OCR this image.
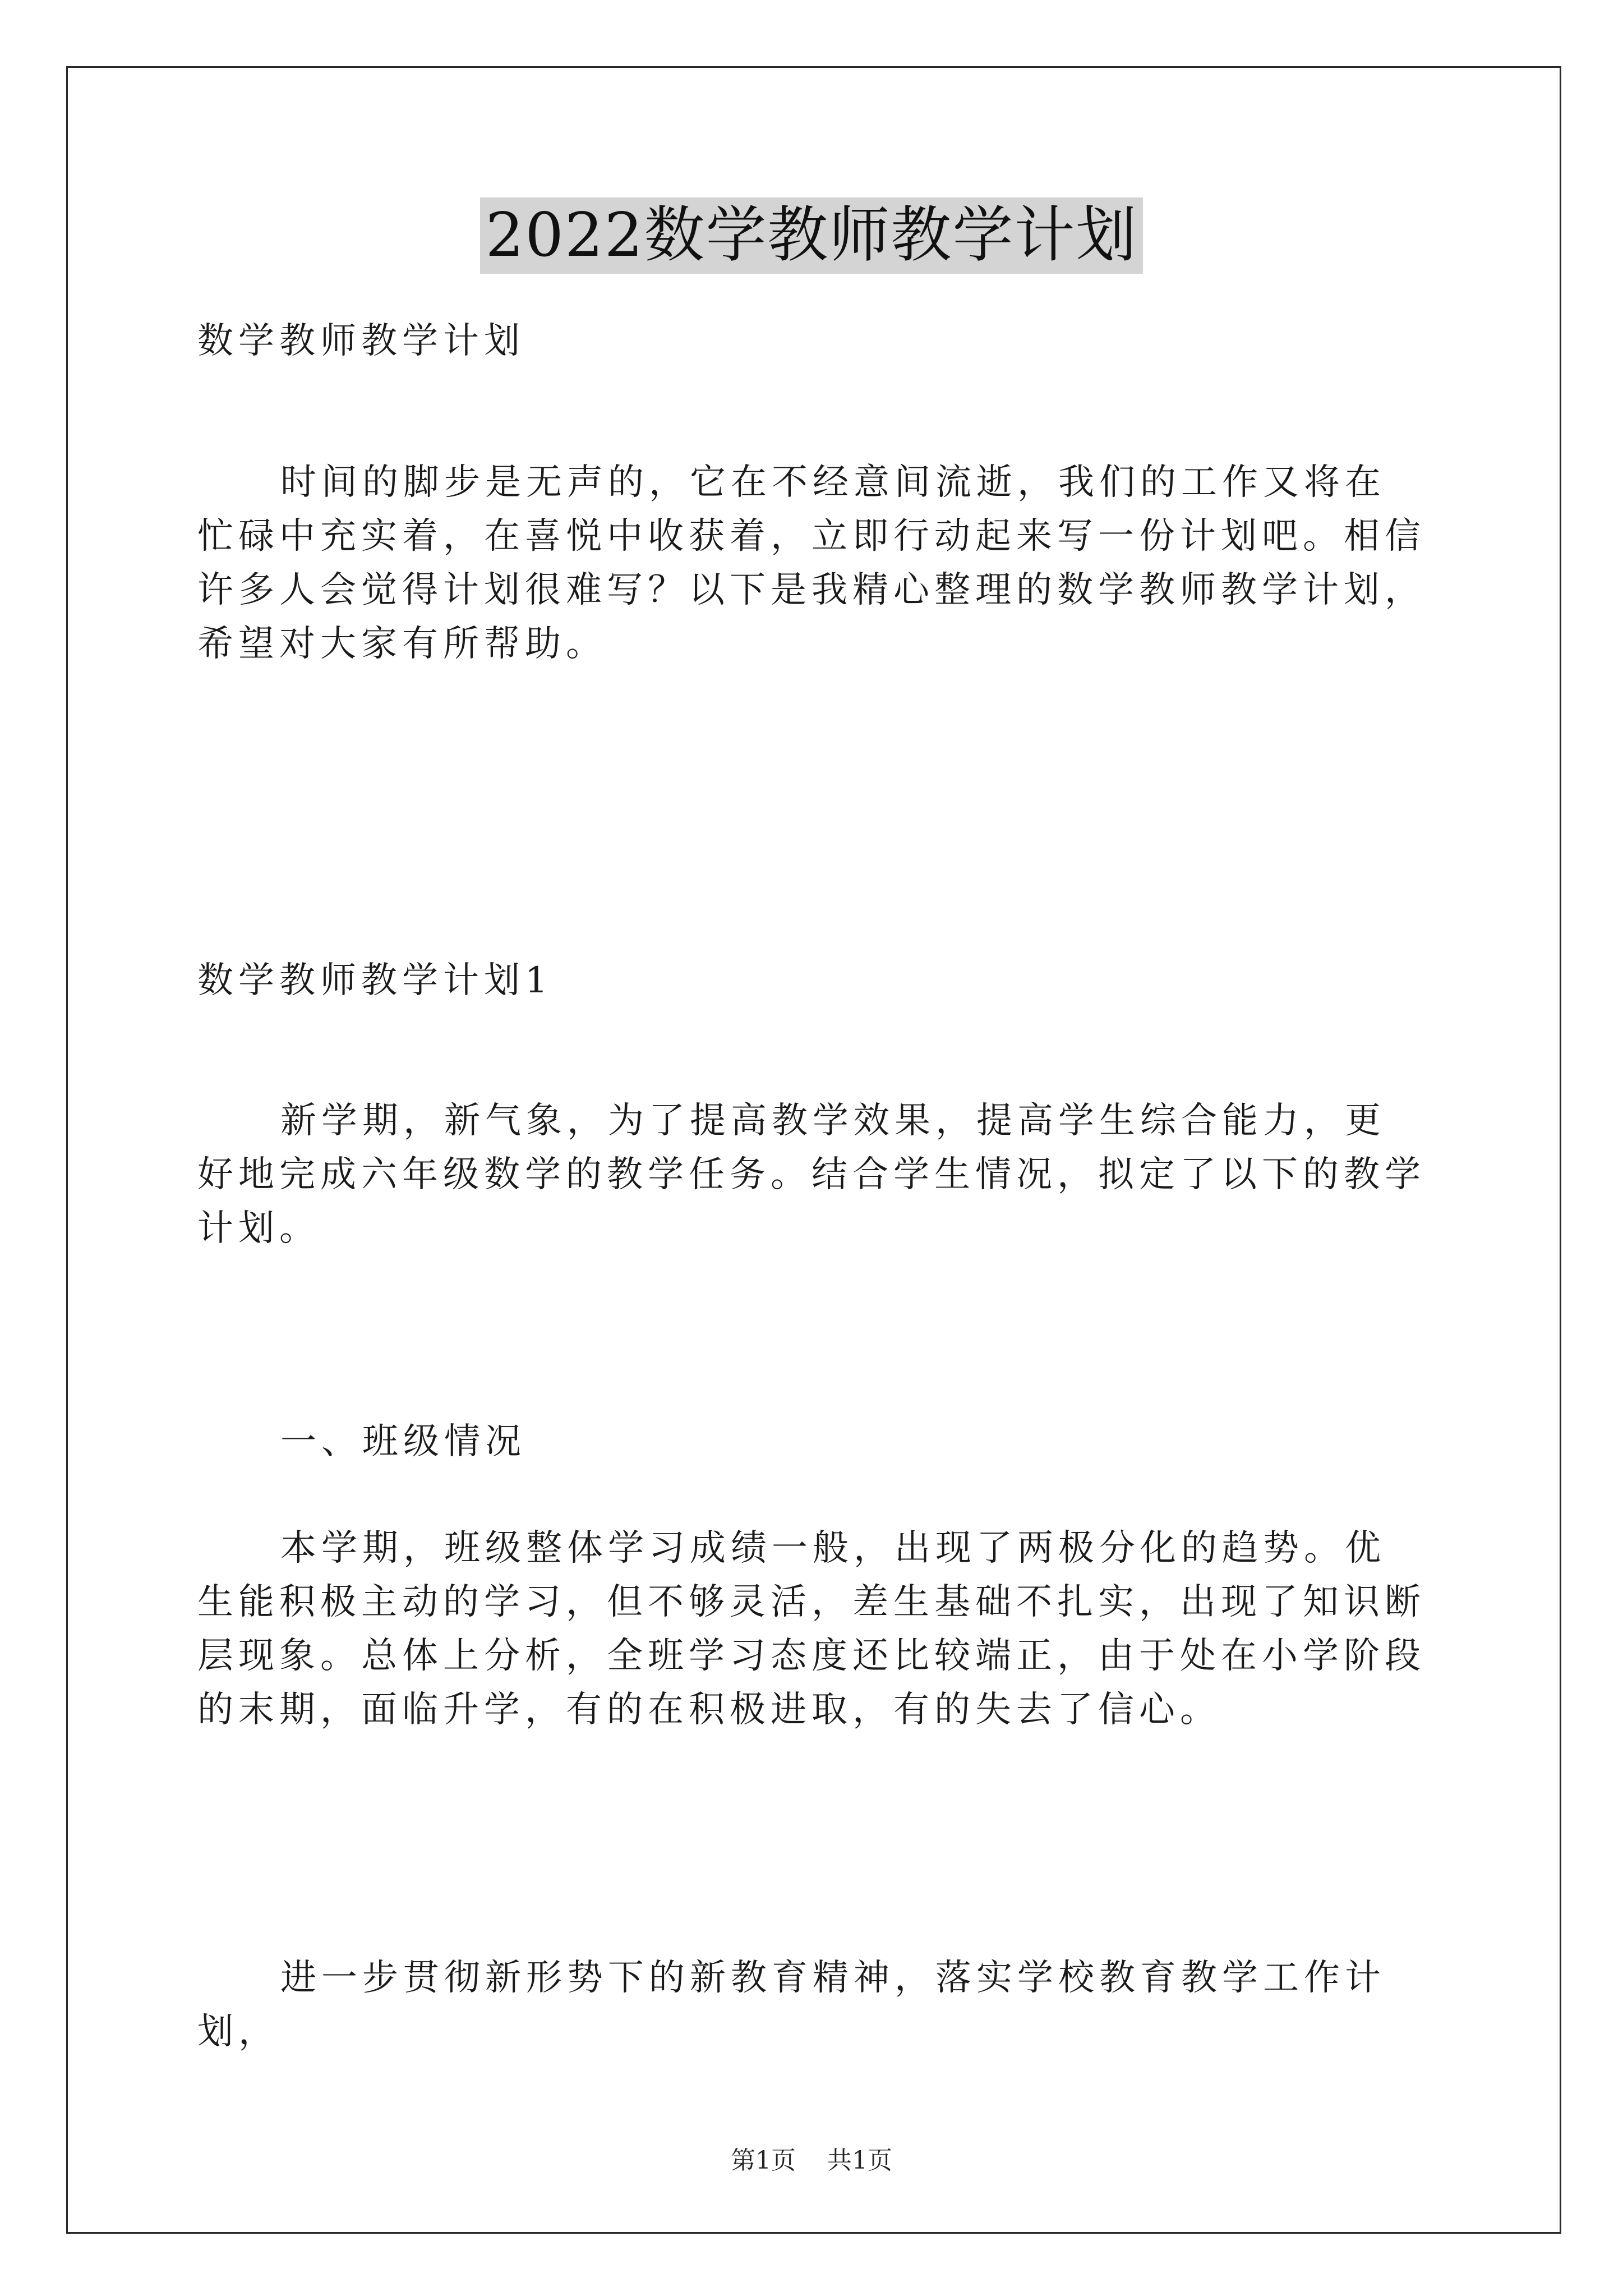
2022数学教师教学计划

数学教师教学计划

时间的脚步是无声的，它在不经意间流逝，我们的工作又将在忙碌中充实着，在喜悦中收获着，立即行动起来写一份计划吧。相信许多人会觉得计划很难写？以下是我精心整理的数学教师教学计划，希望对大家有所帮助。

数学教师教学计划1

新学期，新气象，为了提高教学效果，提高学生综合能力，更好地完成六年级数学的教学任务。结合学生情况，拟定了以下的教学计划。

一、班级情况

本学期，班级整体学习成绩一般，出现了两极分化的趋势。优生能积极主动的学习，但不够灵活，差生基础不扎实，出现了知识断层现象。总体上分析，全班学习态度还比较端正，由于处在小学阶段的末期，面临升学，有的在积极进取，有的失去了信心。

进一步贯彻新形势下的新教育精神，落实学校教育教学工作计划，

第1页 共1页
